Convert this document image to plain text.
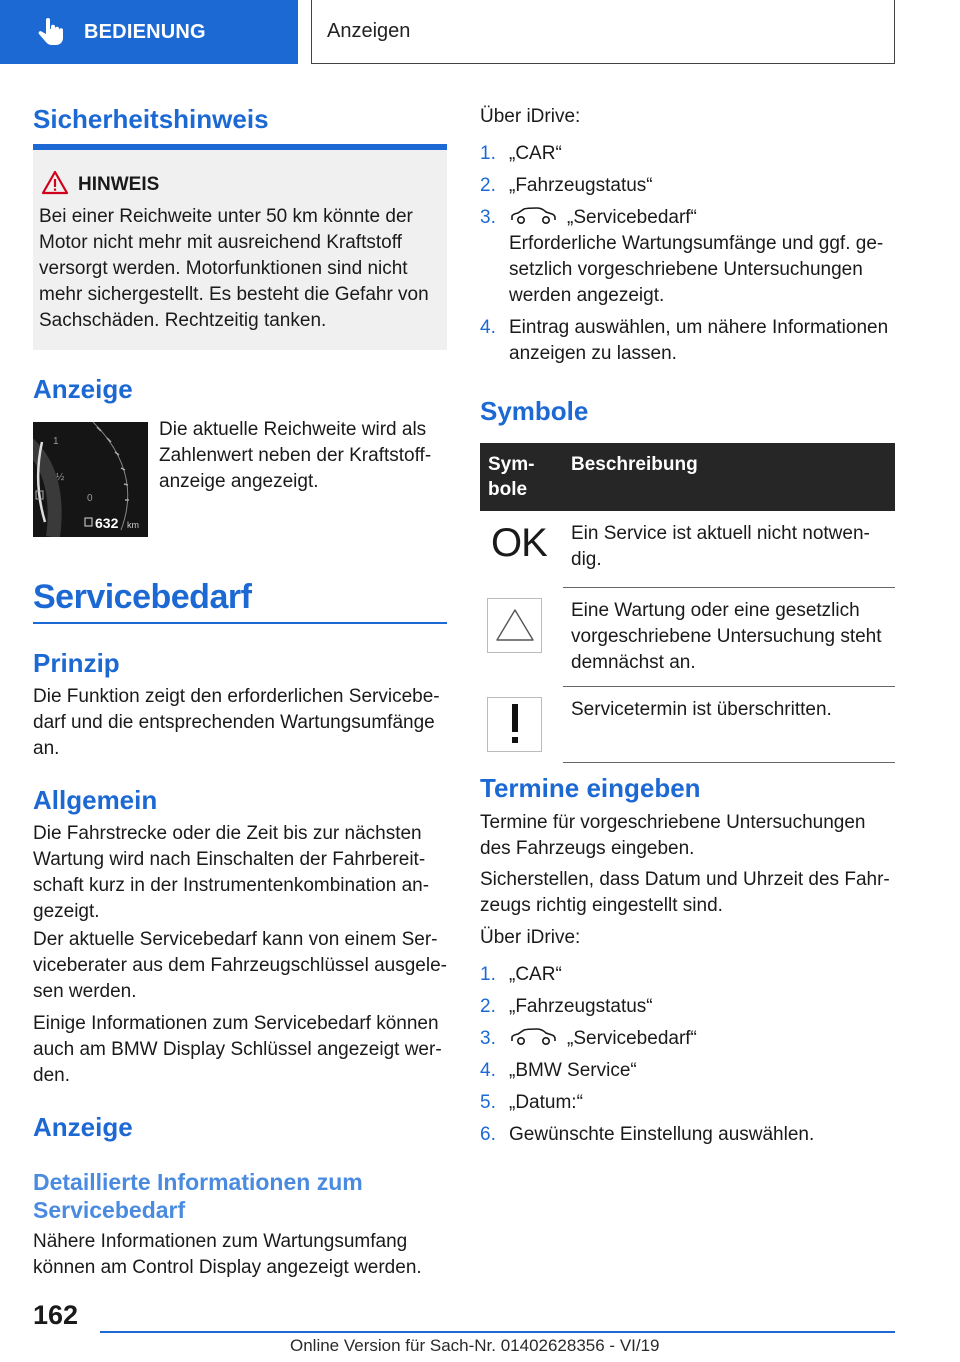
BEDIENUNG	Anzeigen
Sicherheitshinweis
HINWEIS
Bei einer Reichweite unter 50 km könnte der Motor nicht mehr mit ausreichend Kraftstoff versorgt werden. Motorfunktionen sind nicht mehr sichergestellt. Es besteht die Gefahr von Sachschäden. Rechtzeitig tanken.
Anzeige
1
½
0
632 km
Die aktuelle Reichweite wird als Zahlenwert neben der Kraftstoffanzeige angezeigt.
Servicebedarf
Prinzip
Die Funktion zeigt den erforderlichen Servicebedarf und die entsprechenden Wartungsumfänge an.
Allgemein
Die Fahrstrecke oder die Zeit bis zur nächsten Wartung wird nach Einschalten der Fahrbereitschaft kurz in der Instrumentenkombination angezeigt.
Der aktuelle Servicebedarf kann von einem Serviceberater aus dem Fahrzeugschlüssel ausgelesen werden.
Einige Informationen zum Servicebedarf können auch am BMW Display Schlüssel angezeigt werden.
Anzeige
Detaillierte Informationen zum Servicebedarf
Nähere Informationen zum Wartungsumfang können am Control Display angezeigt werden.
Über iDrive:
1. „CAR“
2. „Fahrzeugstatus“
3.	„Servicebedarf“
Erforderliche Wartungsumfänge und ggf. gesetzlich vorgeschriebene Untersuchungen werden angezeigt.
4. Eintrag auswählen, um nähere Informationen anzeigen zu lassen.
Symbole
Symbole	Beschreibung

OK	Ein Service ist aktuell nicht notwendig.

	Eine Wartung oder eine gesetzlich vorgeschriebene Untersuchung steht demnächst an.

	Servicetermin ist überschritten.
Termine eingeben
Termine für vorgeschriebene Untersuchungen des Fahrzeugs eingeben.
Sicherstellen, dass Datum und Uhrzeit des Fahrzeugs richtig eingestellt sind.
Über iDrive:
1. „CAR“
2. „Fahrzeugstatus“
3.	„Servicebedarf“
4. „BMW Service“
5. „Datum:“
6. Gewünschte Einstellung auswählen.
162
Online Version für Sach-Nr. 01402628356 - VI/19
